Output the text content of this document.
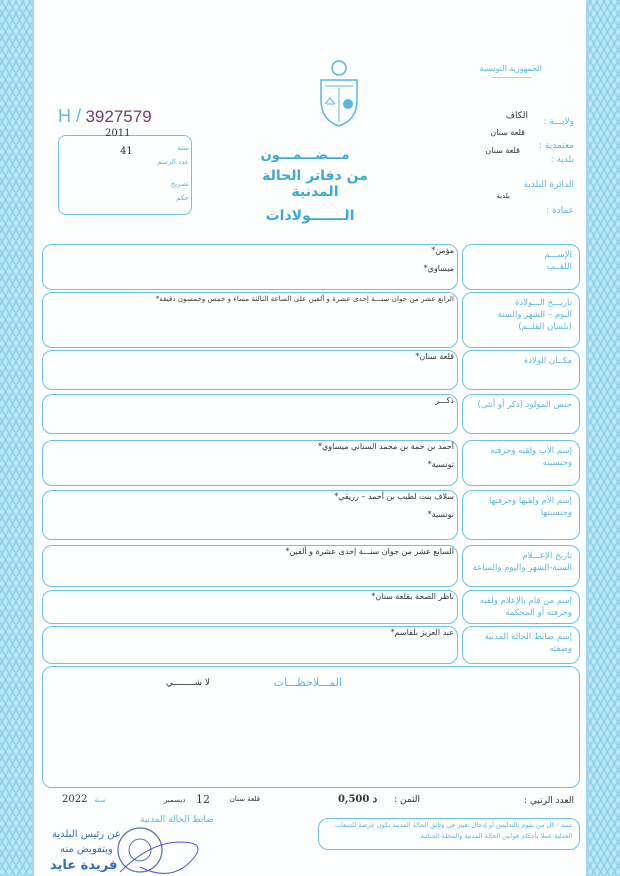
الجمهورية التونسية
H / 3927579
2011
41	سنة
عدد الرسم
تصريح
حكم
مـــضـــمـــون
من دفاتر الحالة المدنية
الـــــــولادات
ولايـــة :
الكاف
قلعة سنان
معتمدية :
قلعة سنان
بلدية :
الدائرة البلدية
بلدية
عمادة :
الإســـم
اللقــب
مؤمن*
ميساوي*
تاريـــخ الـــولادة
اليوم – الشهر والسنة
(بلسان القلــم)
الرابع عشر من جوان سنـــة إحدى عشرة و ألفين على الساعة الثالثة مساء و خمس وخمسون دقيقة*
مكــان الولادة
قلعة سنان*
جنس المولود (ذكر أو أنثى)
ذكـــر
إسم الأب ولقبه وحرفته
وجنسيته
أحمد بن حمة بن محمد السناني ميساوي*
تونسية*
إسم الأم ولقبها وحرفتها
وجنسيتها
سلاف بنت لطيب بن أحمد – رزيقي*
تونسية*
تاريخ الإعـــلام
السنة-الشهر واليوم والساعة
السابع عشر من جوان سنـــة إحدى عشرة و ألفين*
إسم من قام بالإعلام ولقبه
وحرفته أو المحكمة
ناظر الصحة بقلعة سنان*
إسم ضابط الحالة المدنية
وصفته
عبد العزيز بلقاسم*
المـــلاحظـــات
لا شــــــــي
العدد الرتبي :
الثمن :
0,500 د
قلعة سنان
12
ديسمبر
سنة
2022
ضابط الحالة المدنية
عن رئيس البلدية
وبتفويض منه
فريدة عايد
تنبيه : كل من يقوم بالتدليس أو إدخال تغيير في وثائق الحالة المدنية يكون عرضة للتتبعات العدلية عملا بأحكام قوانين الحالة المدنية والمجلة الجنائية.
